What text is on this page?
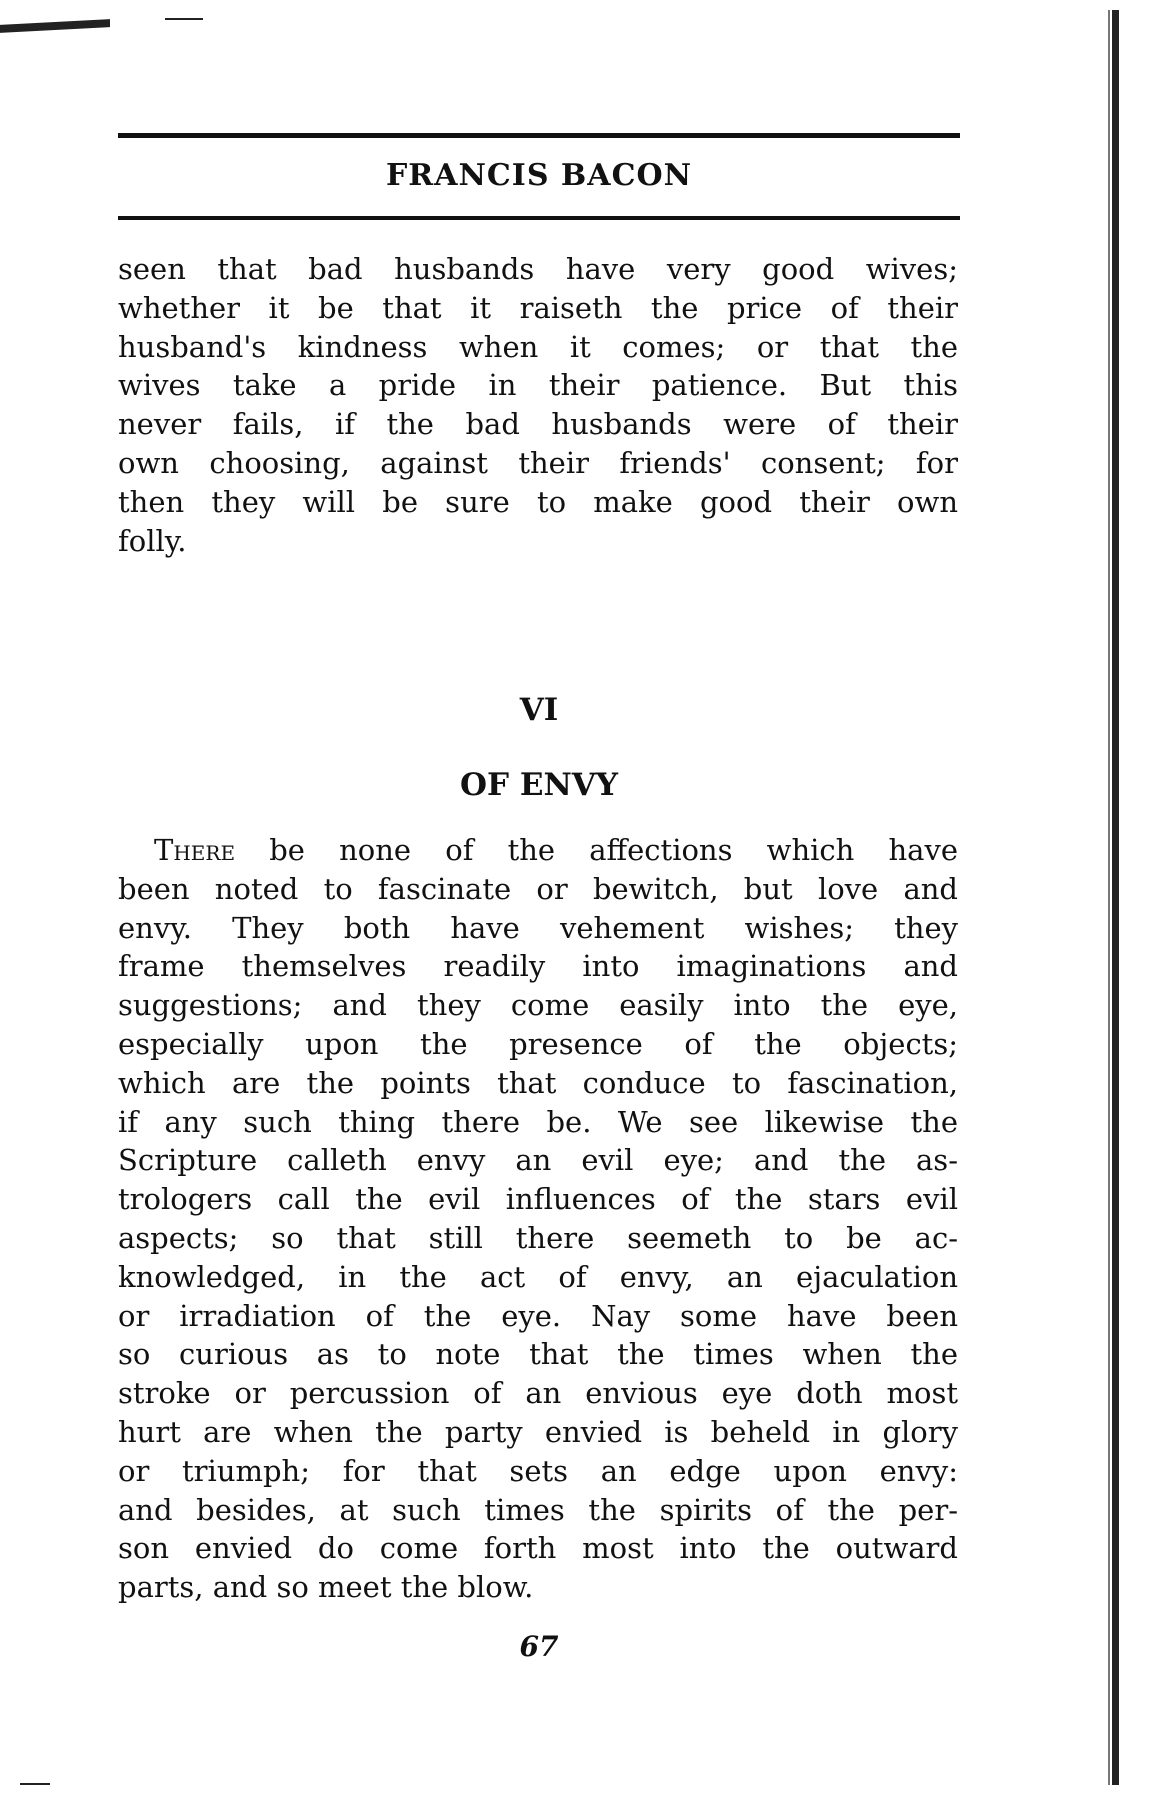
FRANCIS BACON
seen that bad husbands have very good wives;
whether it be that it raiseth the price of their
husband's kindness when it comes; or that the
wives take a pride in their patience. But this
never fails, if the bad husbands were of their
own choosing, against their friends' consent; for
then they will be sure to make good their own
folly.
VI
OF ENVY
There be none of the affections which have
been noted to fascinate or bewitch, but love and
envy. They both have vehement wishes; they
frame themselves readily into imaginations and
suggestions; and they come easily into the eye,
especially upon the presence of the objects;
which are the points that conduce to fascination,
if any such thing there be. We see likewise the
Scripture calleth envy an evil eye; and the as-
trologers call the evil influences of the stars evil
aspects; so that still there seemeth to be ac-
knowledged, in the act of envy, an ejaculation
or irradiation of the eye. Nay some have been
so curious as to note that the times when the
stroke or percussion of an envious eye doth most
hurt are when the party envied is beheld in glory
or triumph; for that sets an edge upon envy:
and besides, at such times the spirits of the per-
son envied do come forth most into the outward
parts, and so meet the blow.
67
